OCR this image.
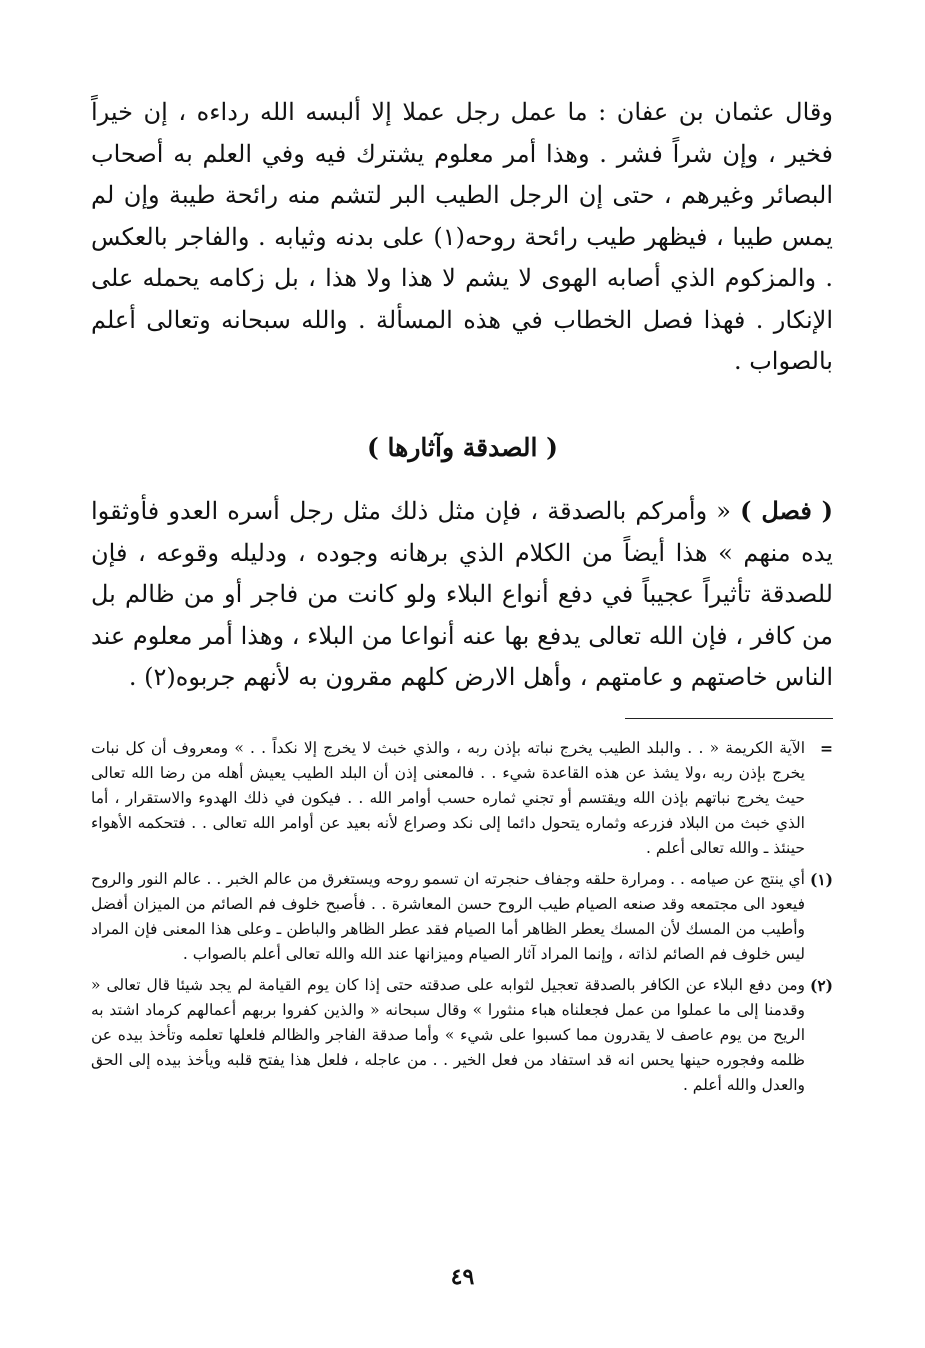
وقال عثمان بن عفان : ما عمل رجل عملا إلا ألبسه الله رداءه ، إن خيراً فخير ، وإن شراً فشر . وهذا أمر معلوم يشترك فيه وفي العلم به أصحاب البصائر وغيرهم ، حتى إن الرجل الطيب البر لتشم منه رائحة طيبة وإن لم يمس طيبا ، فيظهر طيب رائحة روحه(١) على بدنه وثيابه . والفاجر بالعكس . والمزكوم الذي أصابه الهوى لا يشم لا هذا ولا هذا ، بل زكامه يحمله على الإنكار . فهذا فصل الخطاب في هذه المسألة . والله سبحانه وتعالى أعلم بالصواب .

( الصدقة وآثارها )

( فصل ) « وأمركم بالصدقة ، فإن مثل ذلك مثل رجل أسره العدو فأوثقوا يده منهم » هذا أيضاً من الكلام الذي برهانه وجوده ، ودليله وقوعه ، فإن للصدقة تأثيراً عجيباً في دفع أنواع البلاء ولو كانت من فاجر أو من ظالم بل من كافر ، فإن الله تعالى يدفع بها عنه أنواعا من البلاء ، وهذا أمر معلوم عند الناس خاصتهم و عامتهم ، وأهل الارض كلهم مقرون به لأنهم جربوه(٢) .

=
الآية الكريمة « . . والبلد الطيب يخرج نباته بإذن ربه ، والذي خبث لا يخرج إلا نكداً . . » ومعروف أن كل نبات يخرج بإذن ربه ،ولا يشذ عن هذه القاعدة شيء . . فالمعنى إذن أن البلد الطيب يعيش أهله من رضا الله تعالى حيث يخرج نباتهم بإذن الله ويقتسم أو تجني ثماره حسب أوامر الله . . فيكون في ذلك الهدوء والاستقرار ، أما الذي خبث من البلاد فزرعه وثماره يتحول دائما إلى نكد وصراع لأنه بعيد عن أوامر الله تعالى . . فتحكمه الأهواء حينئذ ـ والله تعالى أعلم .

(١)
أي ينتج عن صيامه . . ومرارة حلقه وجفاف حنجرته ان تسمو روحه ويستغرق من عالم الخبر . . عالم النور والروح فيعود الى مجتمعه وقد صنعه الصيام طيب الروح حسن المعاشرة . . فأصبح خلوف فم الصائم من الميزان أفضل وأطيب من المسك لأن المسك يعطر الظاهر أما الصيام فقد عطر الظاهر والباطن ـ وعلى هذا المعنى فإن المراد ليس خلوف فم الصائم لذاته ، وإنما المراد آثار الصيام وميزانها عند الله والله تعالى أعلم بالصواب .

(٢)
ومن دفع البلاء عن الكافر بالصدقة تعجيل لثوابه على صدقته حتى إذا كان يوم القيامة لم يجد شيئا قال تعالى « وقدمنا إلى ما عملوا من عمل فجعلناه هباء منثورا » وقال سبحانه « والذين كفروا بربهم أعمالهم كرماد اشتد به الريح من يوم عاصف لا يقدرون مما كسبوا على شيء » وأما صدقة الفاجر والظالم فلعلها تعلمه وتأخذ بيده عن ظلمه وفجوره حينها يحس انه قد استفاد من فعل الخير . . من عاجله ، فلعل هذا يفتح قلبه ويأخذ بيده إلى الحق والعدل والله أعلم .

٤٩
